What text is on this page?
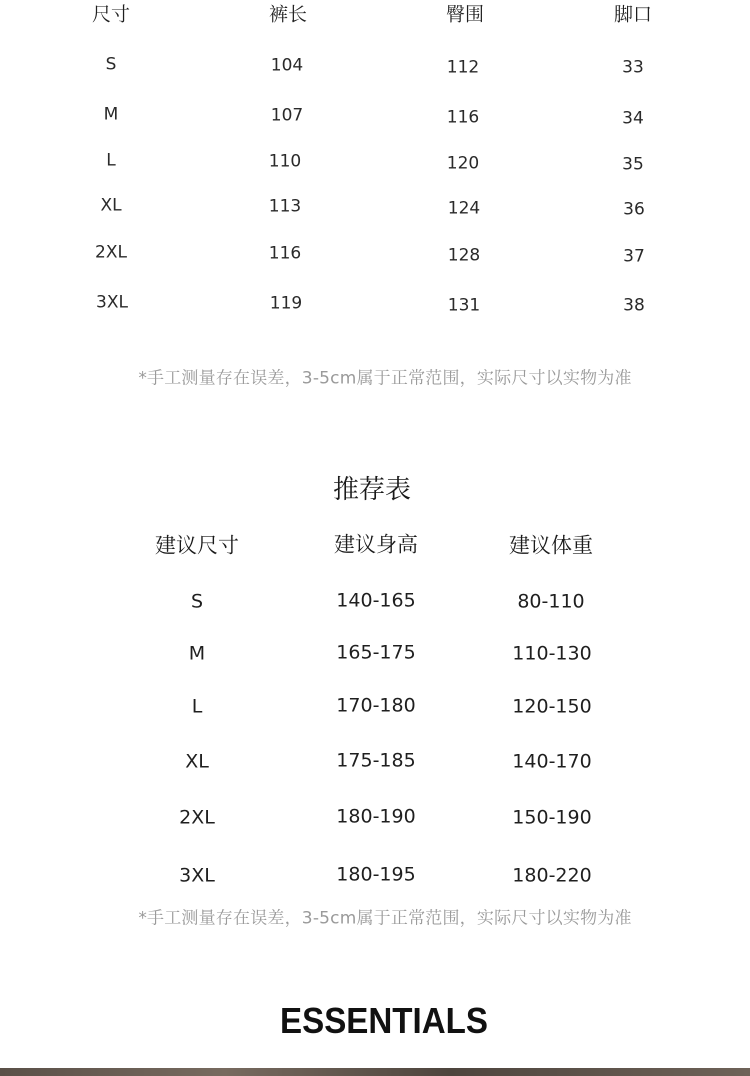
尺寸	裤长	臀围	脚口
S	104	112	33
M	107	116	34
L	110	120	35
XL	113	124	36
2XL	116	128	37
3XL	119	131	38
*手工测量存在误差，3-5cm属于正常范围，实际尺寸以实物为准
推荐表
建议尺寸	建议身高	建议体重
S	140-165	80-110
M	165-175	110-130
L	170-180	120-150
XL	175-185	140-170
2XL	180-190	150-190
3XL	180-195	180-220
*手工测量存在误差，3-5cm属于正常范围，实际尺寸以实物为准
ESSENTIALS
